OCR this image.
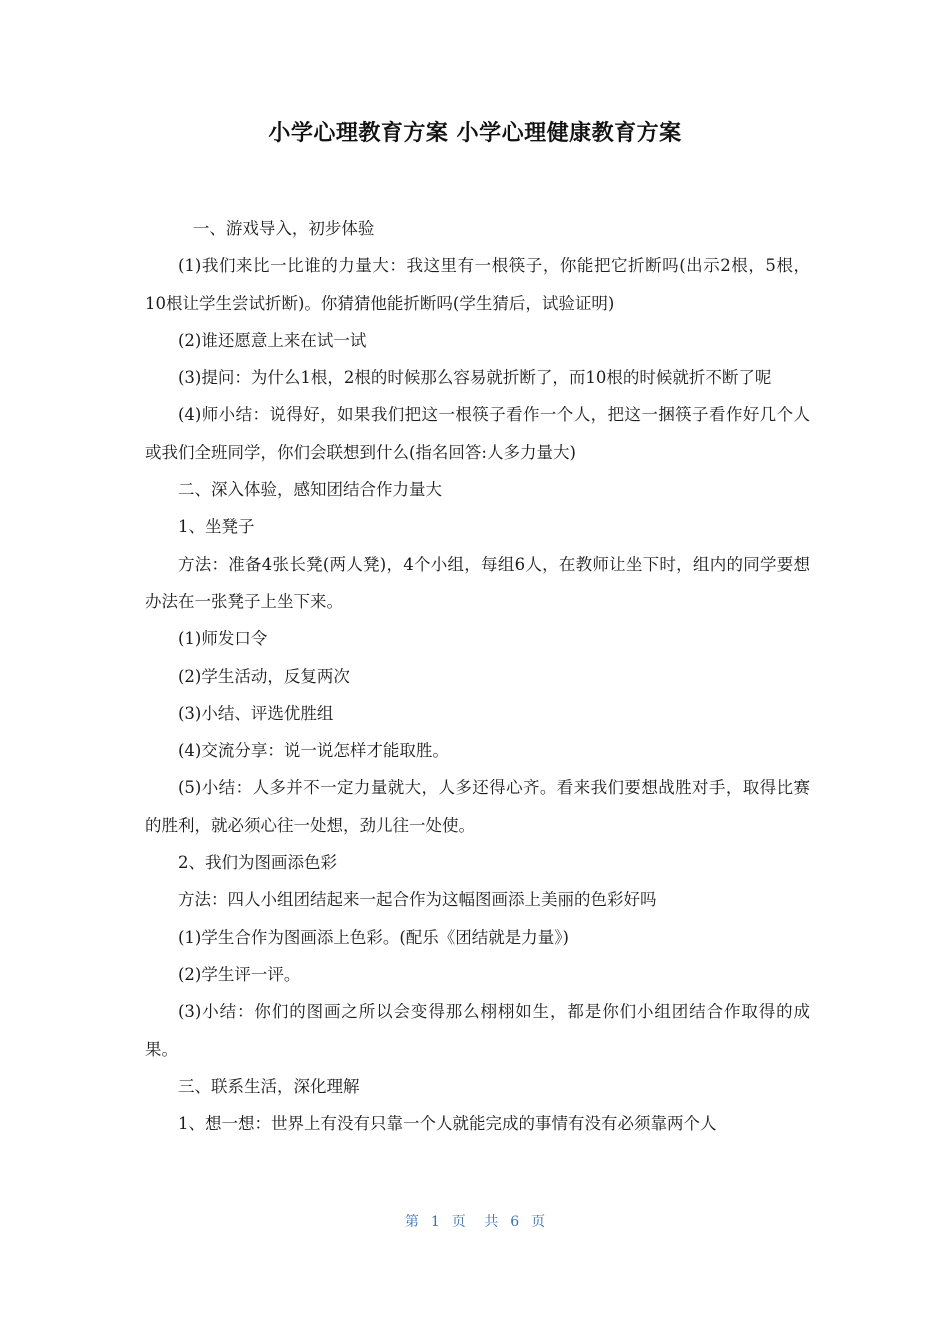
小学心理教育方案 小学心理健康教育方案

一、游戏导入，初步体验

(1)我们来比一比谁的力量大：我这里有一根筷子，你能把它折断吗(出示2根，5根，10根让学生尝试折断)。你猜猜他能折断吗(学生猜后，试验证明)

(2)谁还愿意上来在试一试

(3)提问：为什么1根，2根的时候那么容易就折断了，而10根的时候就折不断了呢

(4)师小结：说得好，如果我们把这一根筷子看作一个人，把这一捆筷子看作好几个人或我们全班同学，你们会联想到什么(指名回答:人多力量大)

二、深入体验，感知团结合作力量大

1、坐凳子

方法：准备4张长凳(两人凳)，4个小组，每组6人，在教师让坐下时，组内的同学要想办法在一张凳子上坐下来。

(1)师发口令

(2)学生活动，反复两次

(3)小结、评选优胜组

(4)交流分享：说一说怎样才能取胜。

(5)小结：人多并不一定力量就大，人多还得心齐。看来我们要想战胜对手，取得比赛的胜利，就必须心往一处想，劲儿往一处使。

2、我们为图画添色彩

方法：四人小组团结起来一起合作为这幅图画添上美丽的色彩好吗

(1)学生合作为图画添上色彩。(配乐《团结就是力量》)

(2)学生评一评。

(3)小结：你们的图画之所以会变得那么栩栩如生，都是你们小组团结合作取得的成果。

三、联系生活，深化理解

1、想一想：世界上有没有只靠一个人就能完成的事情有没有必须靠两个人

第 1 页 共 6 页
